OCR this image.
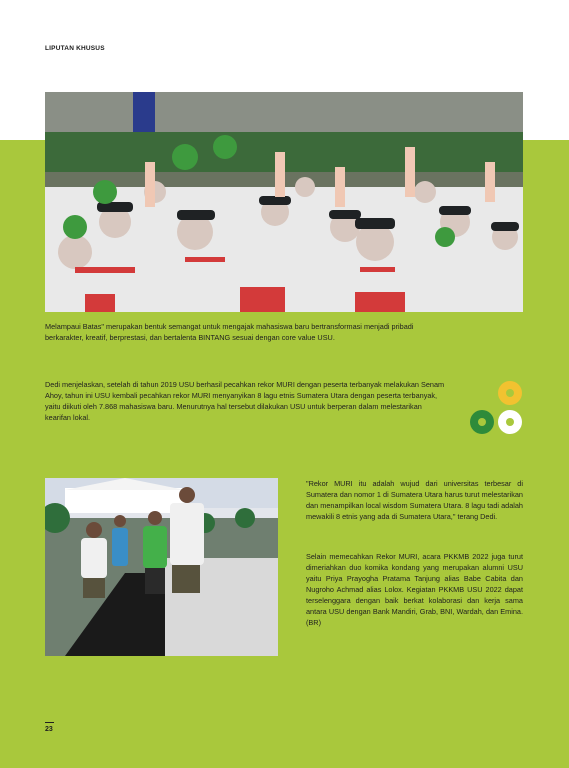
LIPUTAN KHUSUS

Melampaui Batas" merupakan bentuk semangat untuk mengajak mahasiswa baru bertransformasi menjadi pribadi berkarakter, kreatif, berprestasi, dan bertalenta BINTANG sesuai dengan core value USU.

Dedi menjelaskan, setelah di tahun 2019 USU berhasil pecahkan rekor MURI dengan peserta terbanyak melakukan Senam Ahoy, tahun ini USU kembali pecahkan rekor MURI menyanyikan 8 lagu etnis Sumatera Utara dengan peserta terbanyak, yaitu diikuti oleh 7.868 mahasiswa baru. Menurutnya hal tersebut dilakukan USU untuk berperan dalam melestarikan kearifan lokal.

"Rekor MURI itu adalah wujud dari universitas terbesar di Sumatera dan nomor 1 di Sumatera Utara harus turut melestarikan dan menampilkan local wisdom Sumatera Utara. 8 lagu tadi adalah mewakili 8 etnis yang ada di Sumatera Utara," terang Dedi.

Selain memecahkan Rekor MURI, acara PKKMB 2022 juga turut dimeriahkan duo komika kondang yang merupakan alumni USU yaitu Priya Prayogha Pratama Tanjung alias Babe Cabita dan Nugroho Achmad alias Lolox. Kegiatan PKKMB USU 2022 dapat terselenggara dengan baik berkat kolaborasi dan kerja sama antara USU dengan Bank Mandiri, Grab, BNI, Wardah, dan Emina. (BR)

23
